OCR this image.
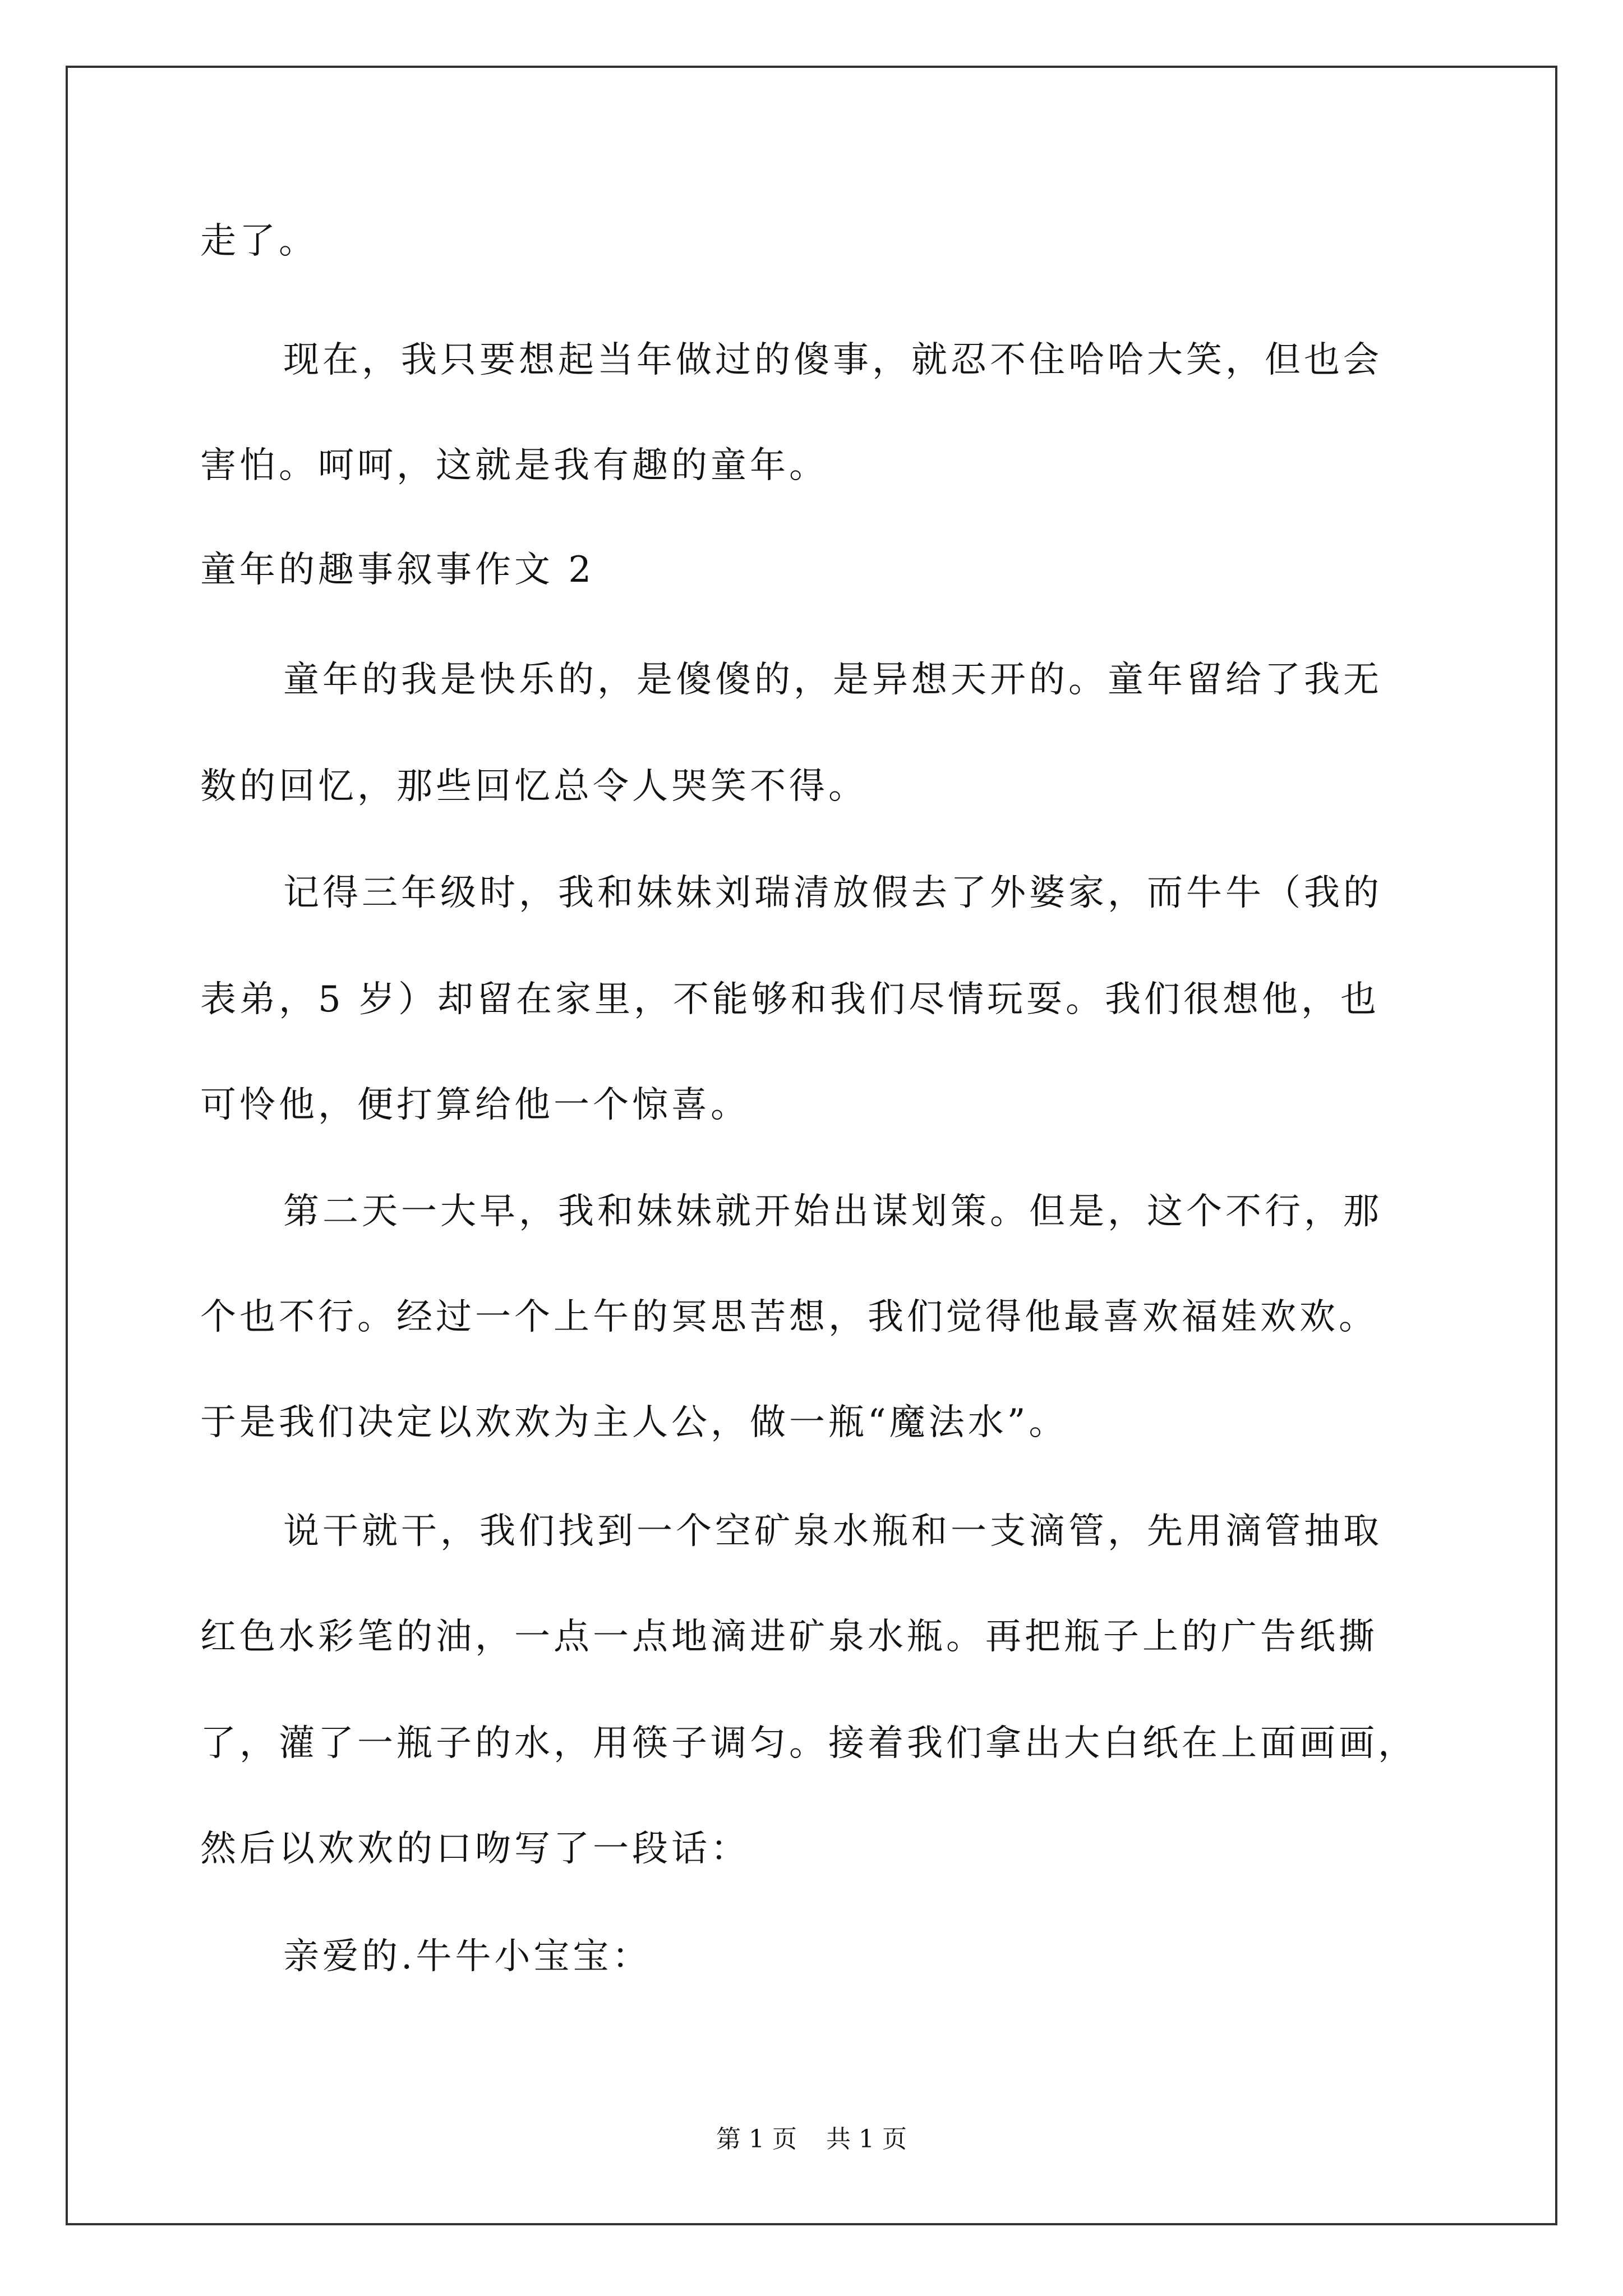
走了。
现在，我只要想起当年做过的傻事，就忍不住哈哈大笑，但也会
害怕。呵呵，这就是我有趣的童年。
童年的趣事叙事作文 2
童年的我是快乐的，是傻傻的，是异想天开的。童年留给了我无
数的回忆，那些回忆总令人哭笑不得。
记得三年级时，我和妹妹刘瑞清放假去了外婆家，而牛牛（我的
表弟，5 岁）却留在家里，不能够和我们尽情玩耍。我们很想他，也
可怜他，便打算给他一个惊喜。
第二天一大早，我和妹妹就开始出谋划策。但是，这个不行，那
个也不行。经过一个上午的冥思苦想，我们觉得他最喜欢福娃欢欢。
于是我们决定以欢欢为主人公，做一瓶“魔法水”。
说干就干，我们找到一个空矿泉水瓶和一支滴管，先用滴管抽取
红色水彩笔的油，一点一点地滴进矿泉水瓶。再把瓶子上的广告纸撕
了，灌了一瓶子的水，用筷子调匀。接着我们拿出大白纸在上面画画，
然后以欢欢的口吻写了一段话：
亲爱的.牛牛小宝宝：
第 1 页 共 1 页
